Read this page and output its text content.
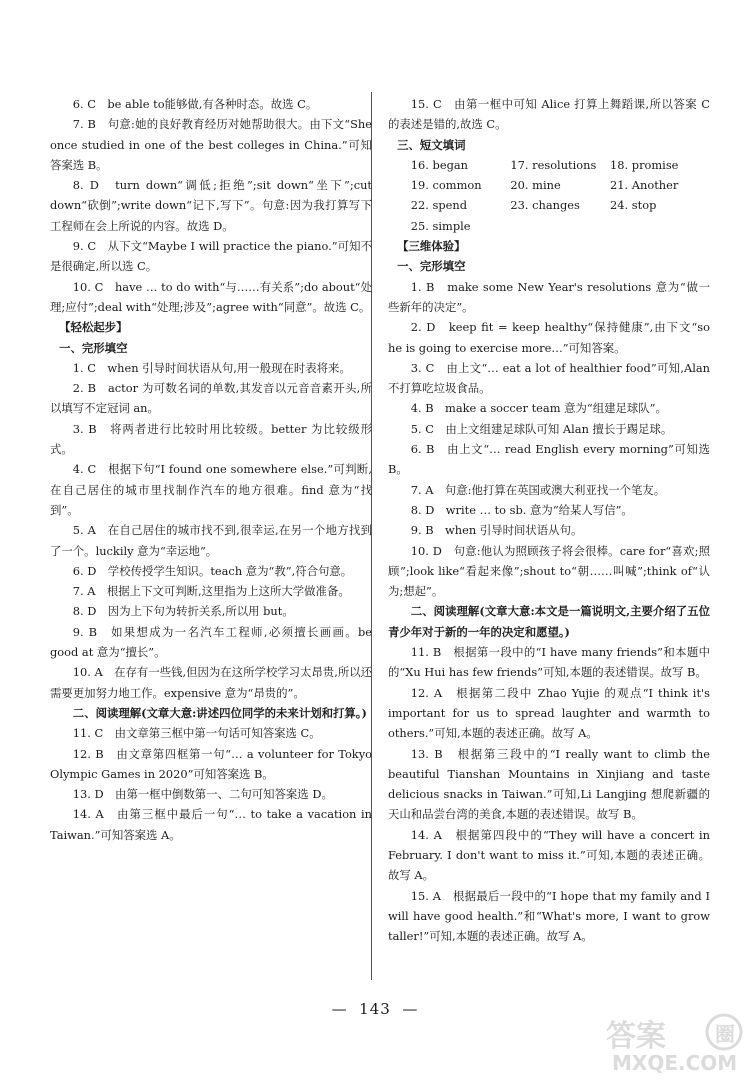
6. C　be able to能够做,有各种时态。故选 C。

7. B　句意:她的良好教育经历对她帮助很大。由下文“She once studied in one of the best colleges in China.”可知答案选 B。

8. D　turn down“调低;拒绝”;sit down“坐下”;cut down“砍倒”;write down“记下,写下”。句意:因为我打算写下工程师在会上所说的内容。故选 D。

9. C　从下文“Maybe I will practice the piano.”可知不是很确定,所以选 C。

10. C　have … to do with“与……有关系”;do about“处理;应付”;deal with“处理;涉及”;agree with“同意”。故选 C。

【轻松起步】

一、完形填空

1. C　when 引导时间状语从句,用一般现在时表将来。

2. B　actor 为可数名词的单数,其发音以元音音素开头,所以填写不定冠词 an。

3. B　将两者进行比较时用比较级。better 为比较级形式。

4. C　根据下句“I found one somewhere else.”可判断,在自己居住的城市里找制作汽车的地方很难。find 意为“找到”。

5. A　在自己居住的城市找不到,很幸运,在另一个地方找到了一个。luckily 意为“幸运地”。

6. D　学校传授学生知识。teach 意为“教”,符合句意。

7. A　根据上下文可判断,这里指为上这所大学做准备。

8. D　因为上下句为转折关系,所以用 but。

9. B　如果想成为一名汽车工程师,必须擅长画画。be good at 意为“擅长”。

10. A　在存有一些钱,但因为在这所学校学习太昂贵,所以还需要更加努力地工作。expensive 意为“昂贵的”。

二、阅读理解(文章大意:讲述四位同学的未来计划和打算。)

11. C　由文章第三框中第一句话可知答案选 C。

12. B　由文章第四框第一句“… a volunteer for Tokyo Olympic Games in 2020”可知答案选 B。

13. D　由第一框中倒数第一、二句可知答案选 D。

14. A　由第三框中最后一句“… to take a vacation in Taiwan.”可知答案选 A。

15. C　由第一框中可知 Alice 打算上舞蹈课,所以答案 C 的表述是错的,故选 C。

三、短文填词

16. began	17. resolutions	18. promise
19. common	20. mine	21. Another
22. spend	23. changes	24. stop
25. simple

【三维体验】

一、完形填空

1. B　make some New Year's resolutions 意为“做一些新年的决定”。

2. D　keep fit = keep healthy“保持健康”,由下文“so he is going to exercise more…”可知答案。

3. C　由上文“… eat a lot of healthier food”可知,Alan 不打算吃垃圾食品。

4. B　make a soccer team 意为“组建足球队”。

5. C　由上文组建足球队可知 Alan 擅长于踢足球。

6. B　由上文“… read English every morning”可知选 B。

7. A　句意:他打算在英国或澳大利亚找一个笔友。

8. D　write … to sb. 意为“给某人写信”。

9. B　when 引导时间状语从句。

10. D　句意:他认为照顾孩子将会很棒。care for“喜欢;照顾”;look like“看起来像”;shout to“朝……叫喊”;think of“认为;想起”。

二、阅读理解(文章大意:本文是一篇说明文,主要介绍了五位青少年对于新的一年的决定和愿望。)

11. B　根据第一段中的“I have many friends”和本题中的“Xu Hui has few friends”可知,本题的表述错误。故写 B。

12. A　根据第二段中 Zhao Yujie 的观点“I think it's important for us to spread laughter and warmth to others.”可知,本题的表述正确。故写 A。

13. B　根据第三段中的“I really want to climb the beautiful Tianshan Mountains in Xinjiang and taste delicious snacks in Taiwan.”可知,Li Langjing 想爬新疆的天山和品尝台湾的美食,本题的表述错误。故写 B。

14. A　根据第四段中的“They will have a concert in February. I don't want to miss it.”可知,本题的表述正确。故写 A。

15. A　根据最后一段中的“I hope that my family and I will have good health.”和“What's more, I want to grow taller!”可知,本题的表述正确。故写 A。

—  143  —
答案 圈
MXQE.COM
